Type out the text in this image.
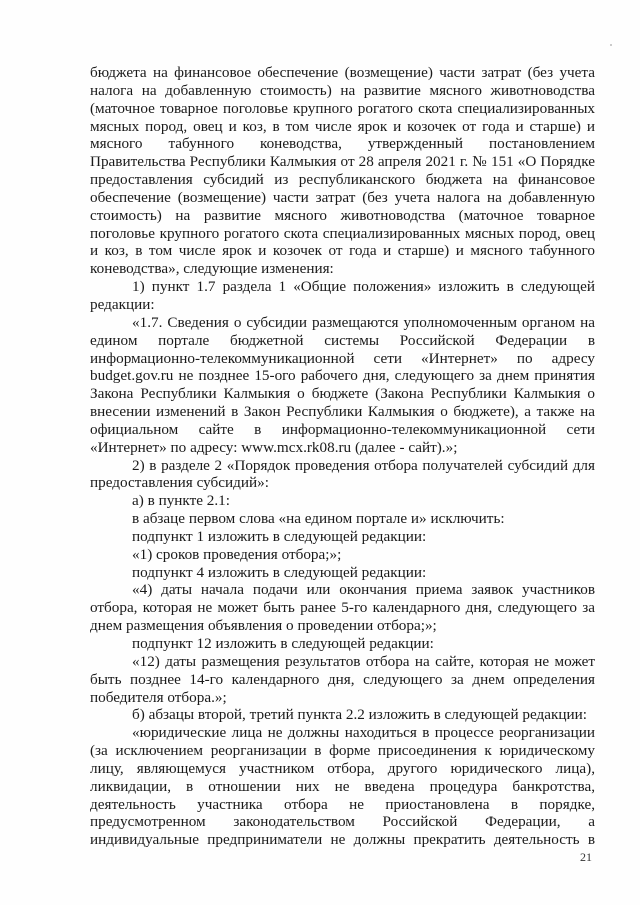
бюджета на финансовое обеспечение (возмещение) части затрат (без учета
налога на добавленную стоимость) на развитие мясного животноводства
(маточное товарное поголовье крупного рогатого скота специализированных
мясных пород, овец и коз, в том числе ярок и козочек от года и старше) и
мясного табунного коневодства, утвержденный постановлением
Правительства Республики Калмыкия от 28 апреля 2021 г. № 151 «О Порядке
предоставления субсидий из республиканского бюджета на финансовое
обеспечение (возмещение) части затрат (без учета налога на добавленную
стоимость) на развитие мясного животноводства (маточное товарное
поголовье крупного рогатого скота специализированных мясных пород, овец
и коз, в том числе ярок и козочек от года и старше) и мясного табунного
коневодства», следующие изменения:
1) пункт 1.7 раздела 1 «Общие положения» изложить в следующей
редакции:
«1.7. Сведения о субсидии размещаются уполномоченным органом на
едином портале бюджетной системы Российской Федерации в
информационно-телекоммуникационной сети «Интернет» по адресу
budget.gov.ru не позднее 15-ого рабочего дня, следующего за днем принятия
Закона Республики Калмыкия о бюджете (Закона Республики Калмыкия о
внесении изменений в Закон Республики Калмыкия о бюджете), а также на
официальном сайте в информационно-телекоммуникационной сети
«Интернет» по адресу: www.mcx.rk08.ru (далее - сайт).»;
2) в разделе 2 «Порядок проведения отбора получателей субсидий для
предоставления субсидий»:
а) в пункте 2.1:
в абзаце первом слова «на едином портале и» исключить:
подпункт 1 изложить в следующей редакции:
«1) сроков проведения отбора;»;
подпункт 4 изложить в следующей редакции:
«4) даты начала подачи или окончания приема заявок участников
отбора, которая не может быть ранее 5-го календарного дня, следующего за
днем размещения объявления о проведении отбора;»;
подпункт 12 изложить в следующей редакции:
«12) даты размещения результатов отбора на сайте, которая не может
быть позднее 14-го календарного дня, следующего за днем определения
победителя отбора.»;
б) абзацы второй, третий пункта 2.2 изложить в следующей редакции:
«юридические лица не должны находиться в процессе реорганизации
(за исключением реорганизации в форме присоединения к юридическому
лицу, являющемуся участником отбора, другого юридического лица),
ликвидации, в отношении них не введена процедура банкротства,
деятельность участника отбора не приостановлена в порядке,
предусмотренном законодательством Российской Федерации, а
индивидуальные предприниматели не должны прекратить деятельность в
21
